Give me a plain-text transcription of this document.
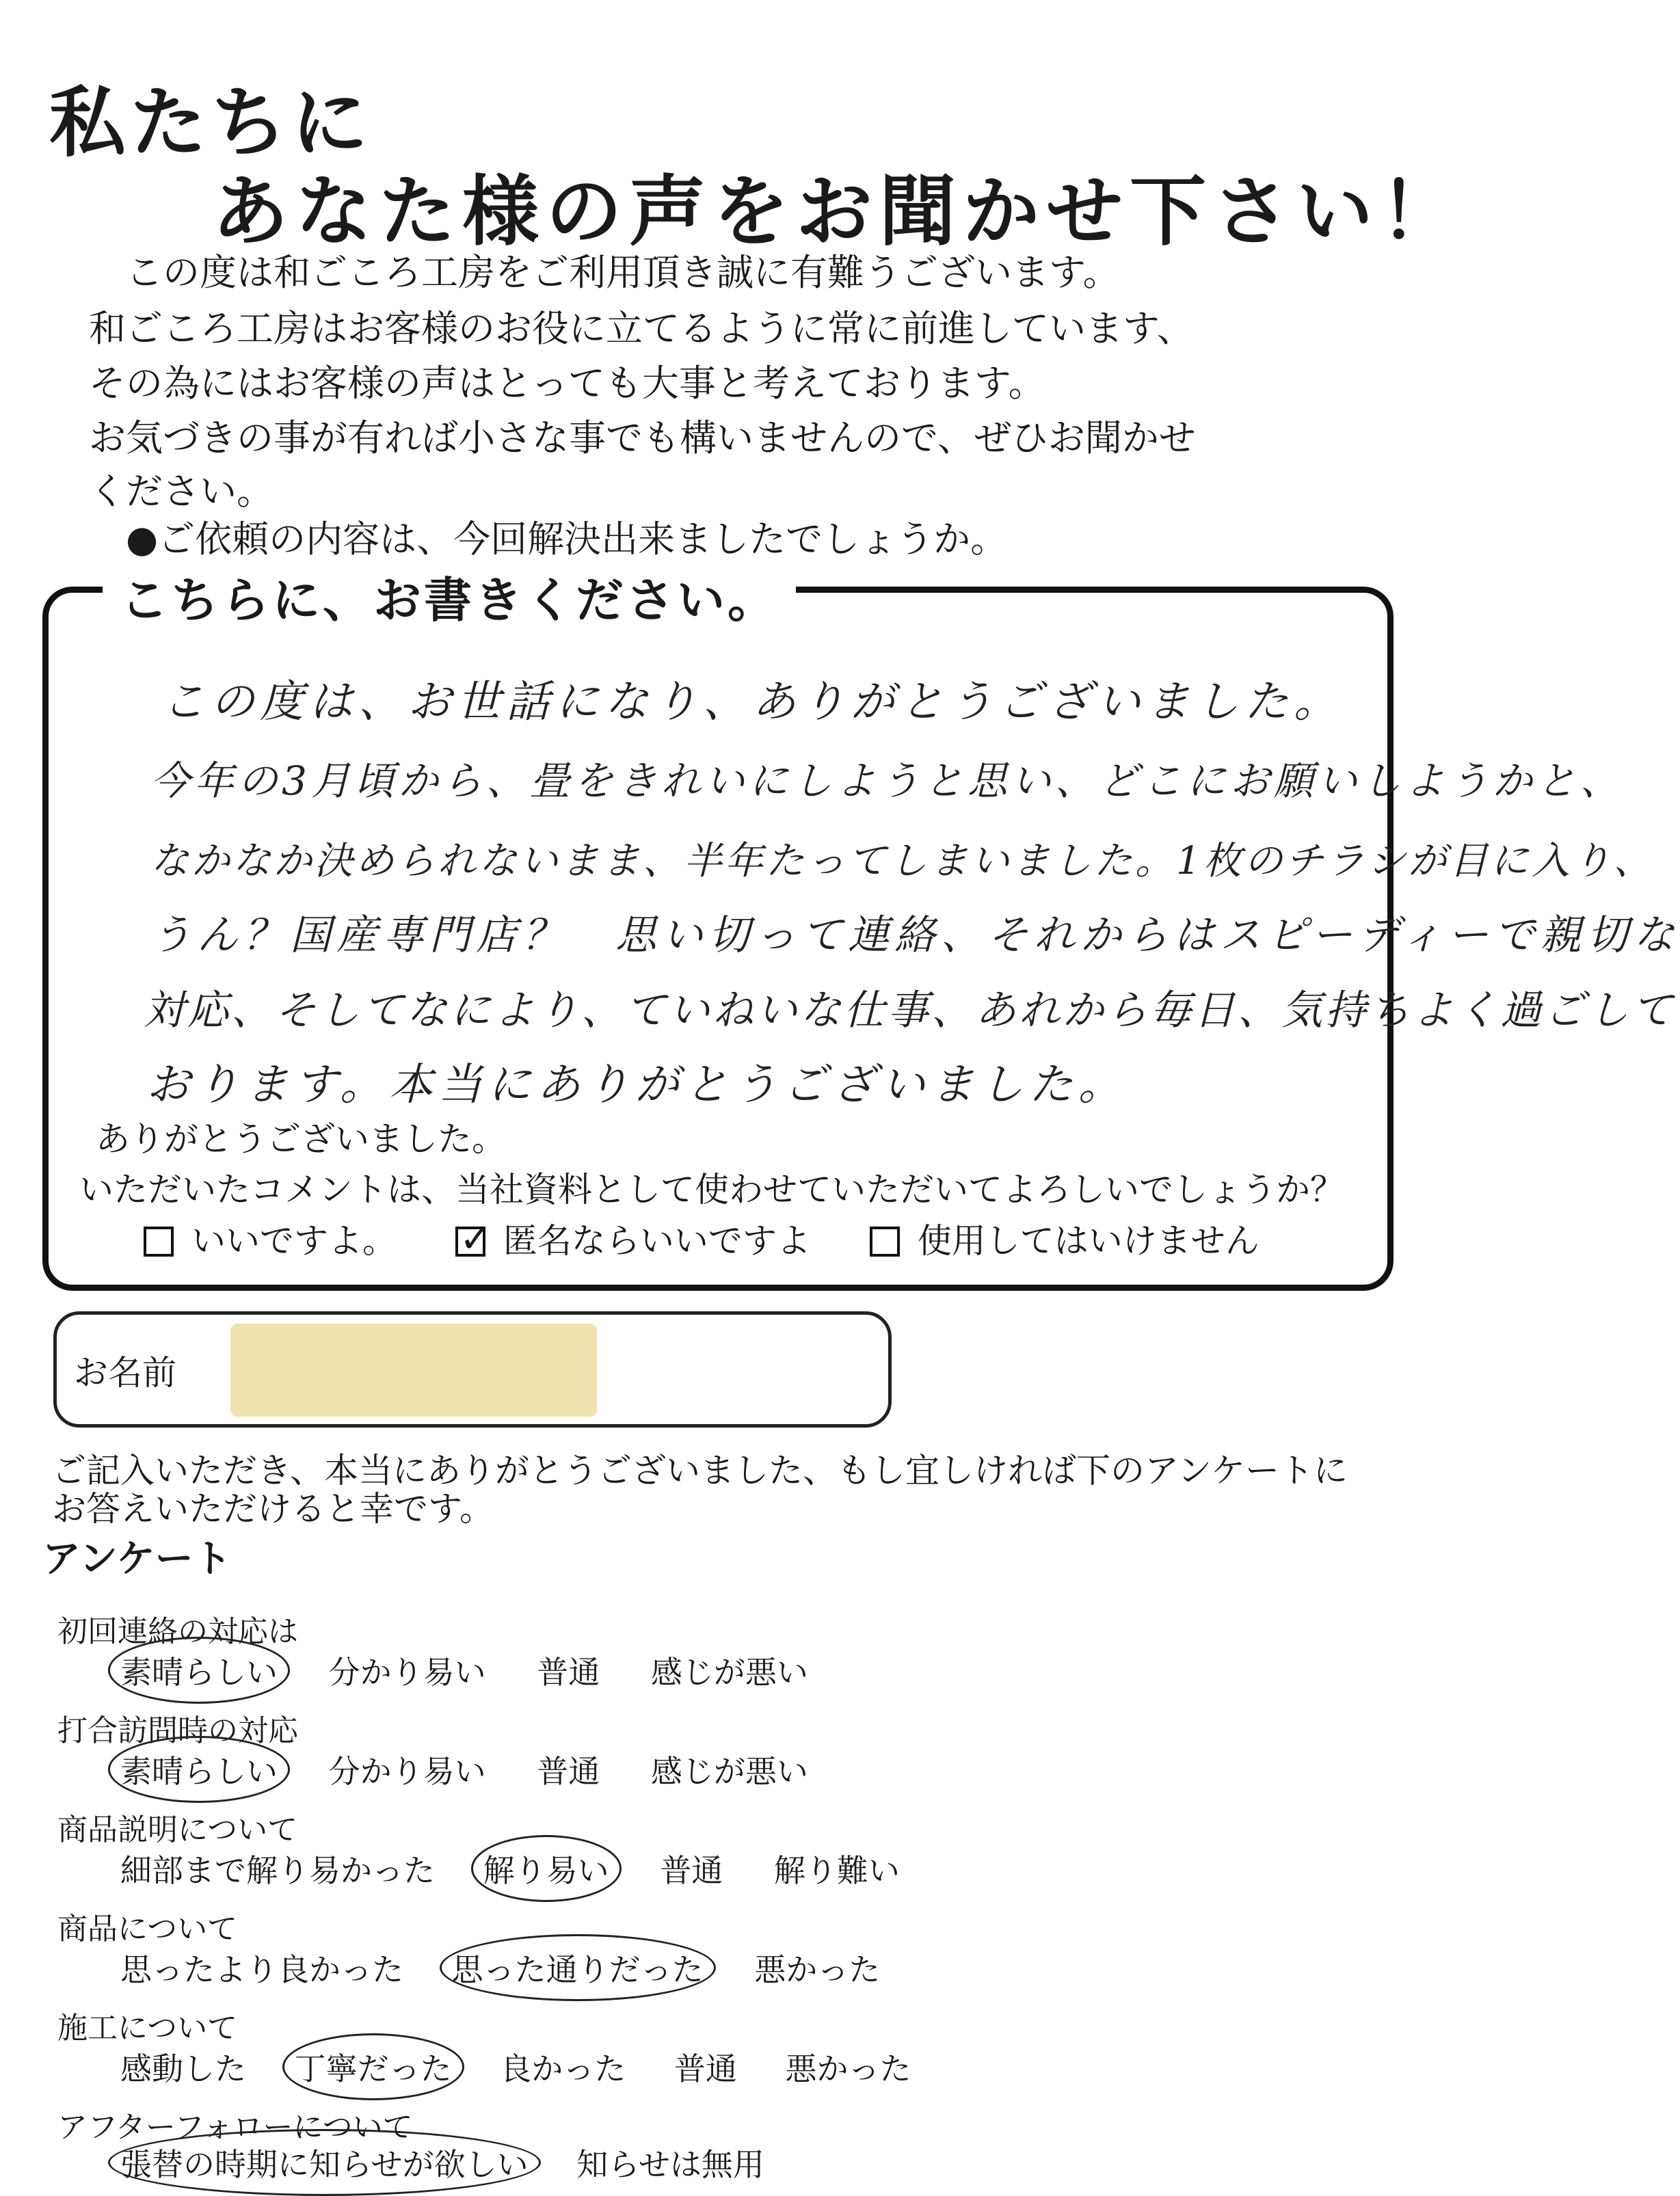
私たちに
あなた様の声をお聞かせ下さい！
　この度は和ごころ工房をご利用頂き誠に有難うございます。
和ごころ工房はお客様のお役に立てるように常に前進しています、
その為にはお客様の声はとっても大事と考えております。
お気づきの事が有れば小さな事でも構いませんので、ぜひお聞かせ
ください。
　●ご依頼の内容は、今回解決出来ましたでしょうか。
こちらに、お書きください。
この度は、お世話になり、ありがとうございました。
今年の3月頃から、畳をきれいにしようと思い、どこにお願いしようかと、
なかなか決められないまま、半年たってしまいました。1枚のチラシが目に入り、
うん？国産専門店？　思い切って連絡、それからはスピーディーで親切な
対応、そしてなにより、ていねいな仕事、あれから毎日、気持ちよく過ごして
おります。本当にありがとうございました。
ありがとうございました。
いただいたコメントは、当社資料として使わせていただいてよろしいでしょうか？
いいですよ。 ✓	匿名ならいいですよ	使用してはいけません
お名前
ご記入いただき、本当にありがとうございました、もし宜しければ下のアンケートに
お答えいただけると幸です。
アンケート
初回連絡の対応は
素晴らしい 分かり易い 普通 感じが悪い
打合訪問時の対応
素晴らしい 分かり易い 普通 感じが悪い
商品説明について
細部まで解り易かった 解り易い 普通 解り難い
商品について
思ったより良かった 思った通りだった 悪かった
施工について
感動した 丁寧だった 良かった 普通 悪かった
アフターフォローについて
張替の時期に知らせが欲しい 知らせは無用
